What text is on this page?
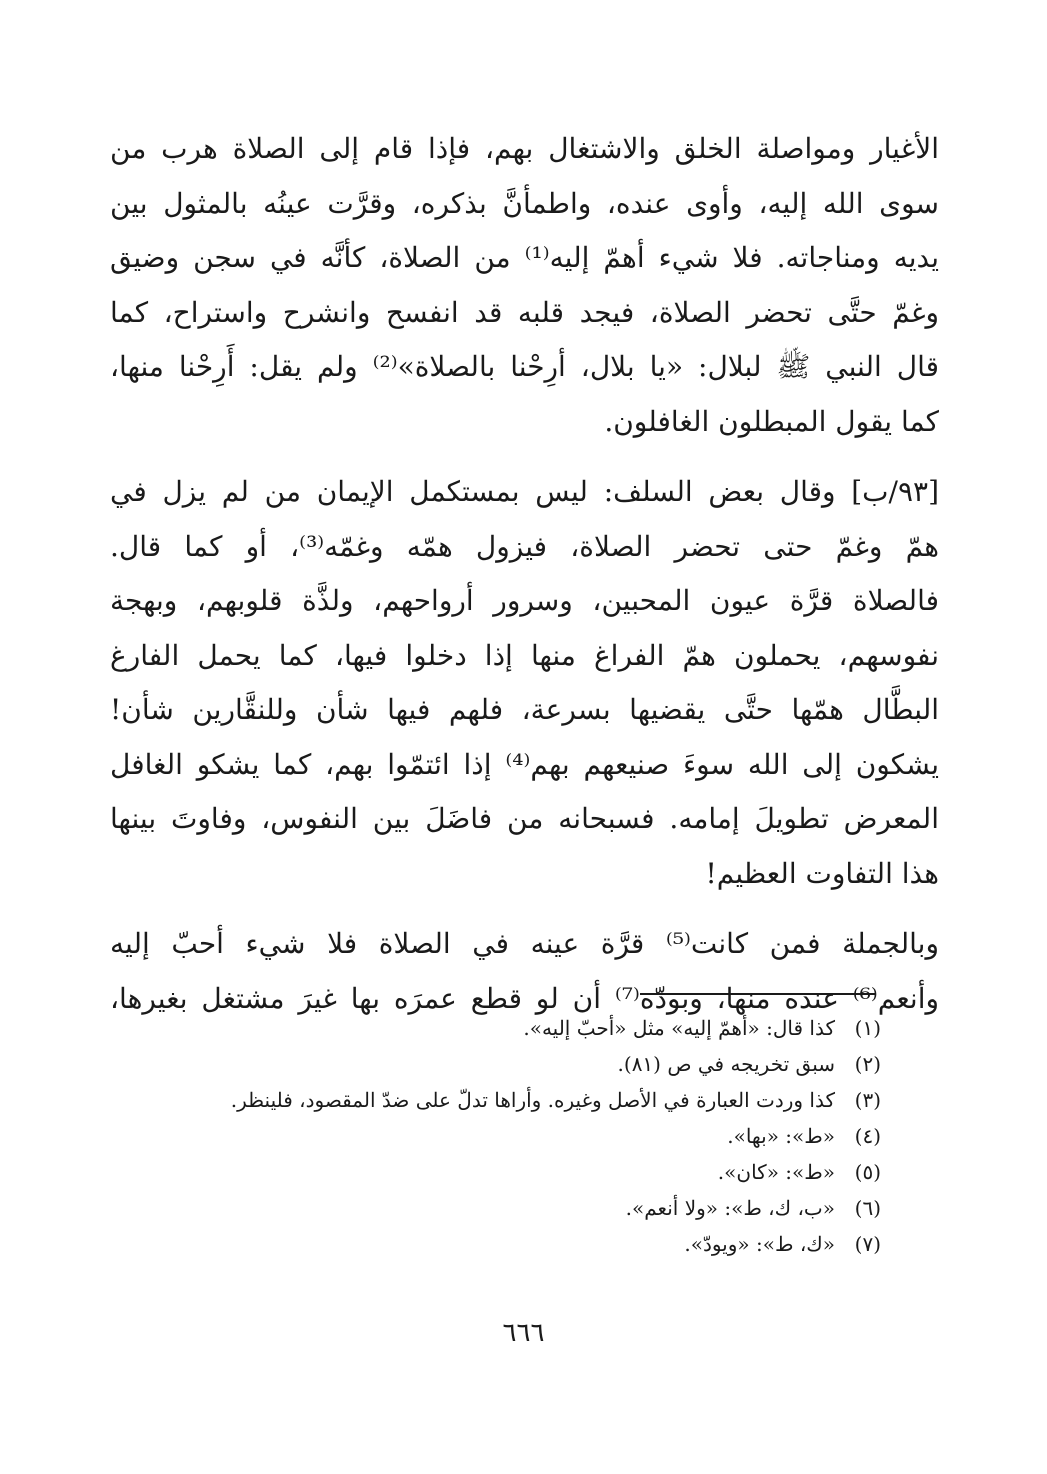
الأغيار ومواصلة الخلق والاشتغال بهم، فإذا قام إلى الصلاة هرب من
سوى الله إليه، وأوى عنده، واطمأنَّ بذكره، وقرَّت عينُه بالمثول بين
يديه ومناجاته. فلا شيء أهمّ إليه⁽¹⁾ من الصلاة، كأنَّه في سجن وضيق
وغمّ حتَّى تحضر الصلاة، فيجد قلبه قد انفسح وانشرح واستراح، كما
قال النبي ﷺ لبلال: «يا بلال، أرِحْنا بالصلاة»⁽²⁾ ولم يقل: أَرِحْنا منها،
كما يقول المبطلون الغافلون.
[٩٣/ب] وقال بعض السلف: ليس بمستكمل الإيمان من لم يزل في
همّ وغمّ حتى تحضر الصلاة، فيزول همّه وغمّه⁽³⁾، أو كما قال.
فالصلاة قرَّة عيون المحبين، وسرور أرواحهم، ولذَّة قلوبهم، وبهجة
نفوسهم، يحملون همّ الفراغ منها إذا دخلوا فيها، كما يحمل الفارغ
البطَّال همّها حتَّى يقضيها بسرعة، فلهم فيها شأن وللنقَّارين شأن!
يشكون إلى الله سوءَ صنيعهم بهم⁽⁴⁾ إذا ائتمّوا بهم، كما يشكو الغافل
المعرض تطويلَ إمامه. فسبحانه من فاضَلَ بين النفوس، وفاوتَ بينها
هذا التفاوت العظيم!
وبالجملة فمن كانت⁽⁵⁾ قرَّة عينه في الصلاة فلا شيء أحبّ إليه
وأنعم⁽⁶⁾ عنده منها، وبودّه⁽⁷⁾ أن لو قطع عمرَه بها غيرَ مشتغل بغيرها،
(١)كذا قال: «أهمّ إليه» مثل «أحبّ إليه».
(٢)سبق تخريجه في ص (٨١).
(٣)كذا وردت العبارة في الأصل وغيره. وأراها تدلّ على ضدّ المقصود، فلينظر.
(٤)«ط»: «بها».
(٥)«ط»: «كان».
(٦)«ب، ك، ط»: «ولا أنعم».
(٧)«ك، ط»: «ويودّ».
٦٦٦
